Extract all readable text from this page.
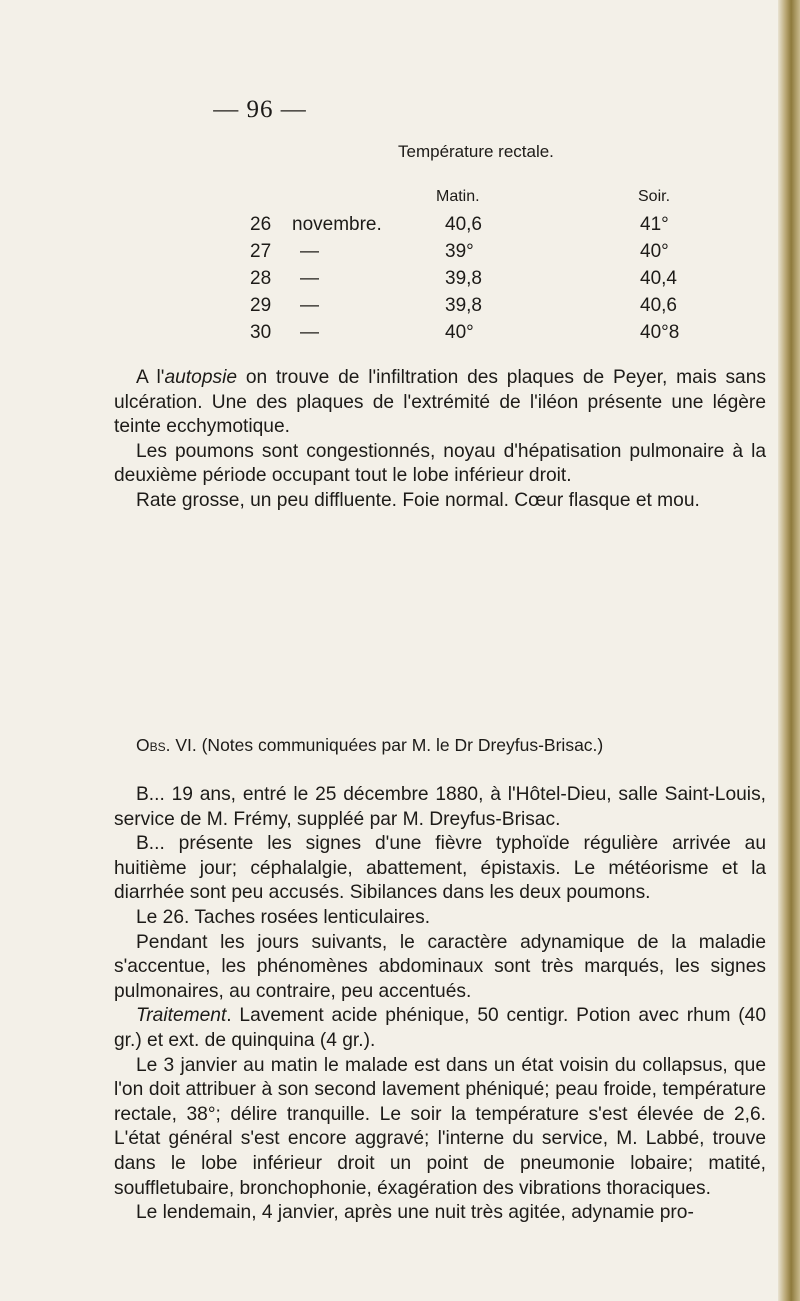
— 96 —
Température rectale.
Matin.	Soir.
26 novembre.	40,6	41°
27 —	39°	40°
28 —	39,8	40,4
29 —	39,8	40,6
30 —	40°	40°8

A l'autopsie on trouve de l'infiltration des plaques de Peyer, mais sans ulcération. Une des plaques de l'extrémité de l'iléon présente une légère teinte ecchymotique.

Les poumons sont congestionnés, noyau d'hépatisation pulmonaire à la deuxième période occupant tout le lobe inférieur droit.

Rate grosse, un peu diffluente. Foie normal. Cœur flasque et mou.

Obs. VI. (Notes communiquées par M. le Dr Dreyfus-Brisac.)

B... 19 ans, entré le 25 décembre 1880, à l'Hôtel-Dieu, salle Saint-Louis, service de M. Frémy, suppléé par M. Dreyfus-Brisac.

B... présente les signes d'une fièvre typhoïde régulière arrivée au huitième jour; céphalalgie, abattement, épistaxis. Le météorisme et la diarrhée sont peu accusés. Sibilances dans les deux poumons.

Le 26. Taches rosées lenticulaires.

Pendant les jours suivants, le caractère adynamique de la maladie s'accentue, les phénomènes abdominaux sont très marqués, les signes pulmonaires, au contraire, peu accentués.

Traitement. Lavement acide phénique, 50 centigr. Potion avec rhum (40 gr.) et ext. de quinquina (4 gr.).

Le 3 janvier au matin le malade est dans un état voisin du collapsus, que l'on doit attribuer à son second lavement phéniqué; peau froide, température rectale, 38°; délire tranquille. Le soir la température s'est élevée de 2,6. L'état général s'est encore aggravé; l'interne du service, M. Labbé, trouve dans le lobe inférieur droit un point de pneumonie lobaire; matité, souffletubaire, bronchophonie, éxagération des vibrations thoraciques.

Le lendemain, 4 janvier, après une nuit très agitée, adynamie pro-
